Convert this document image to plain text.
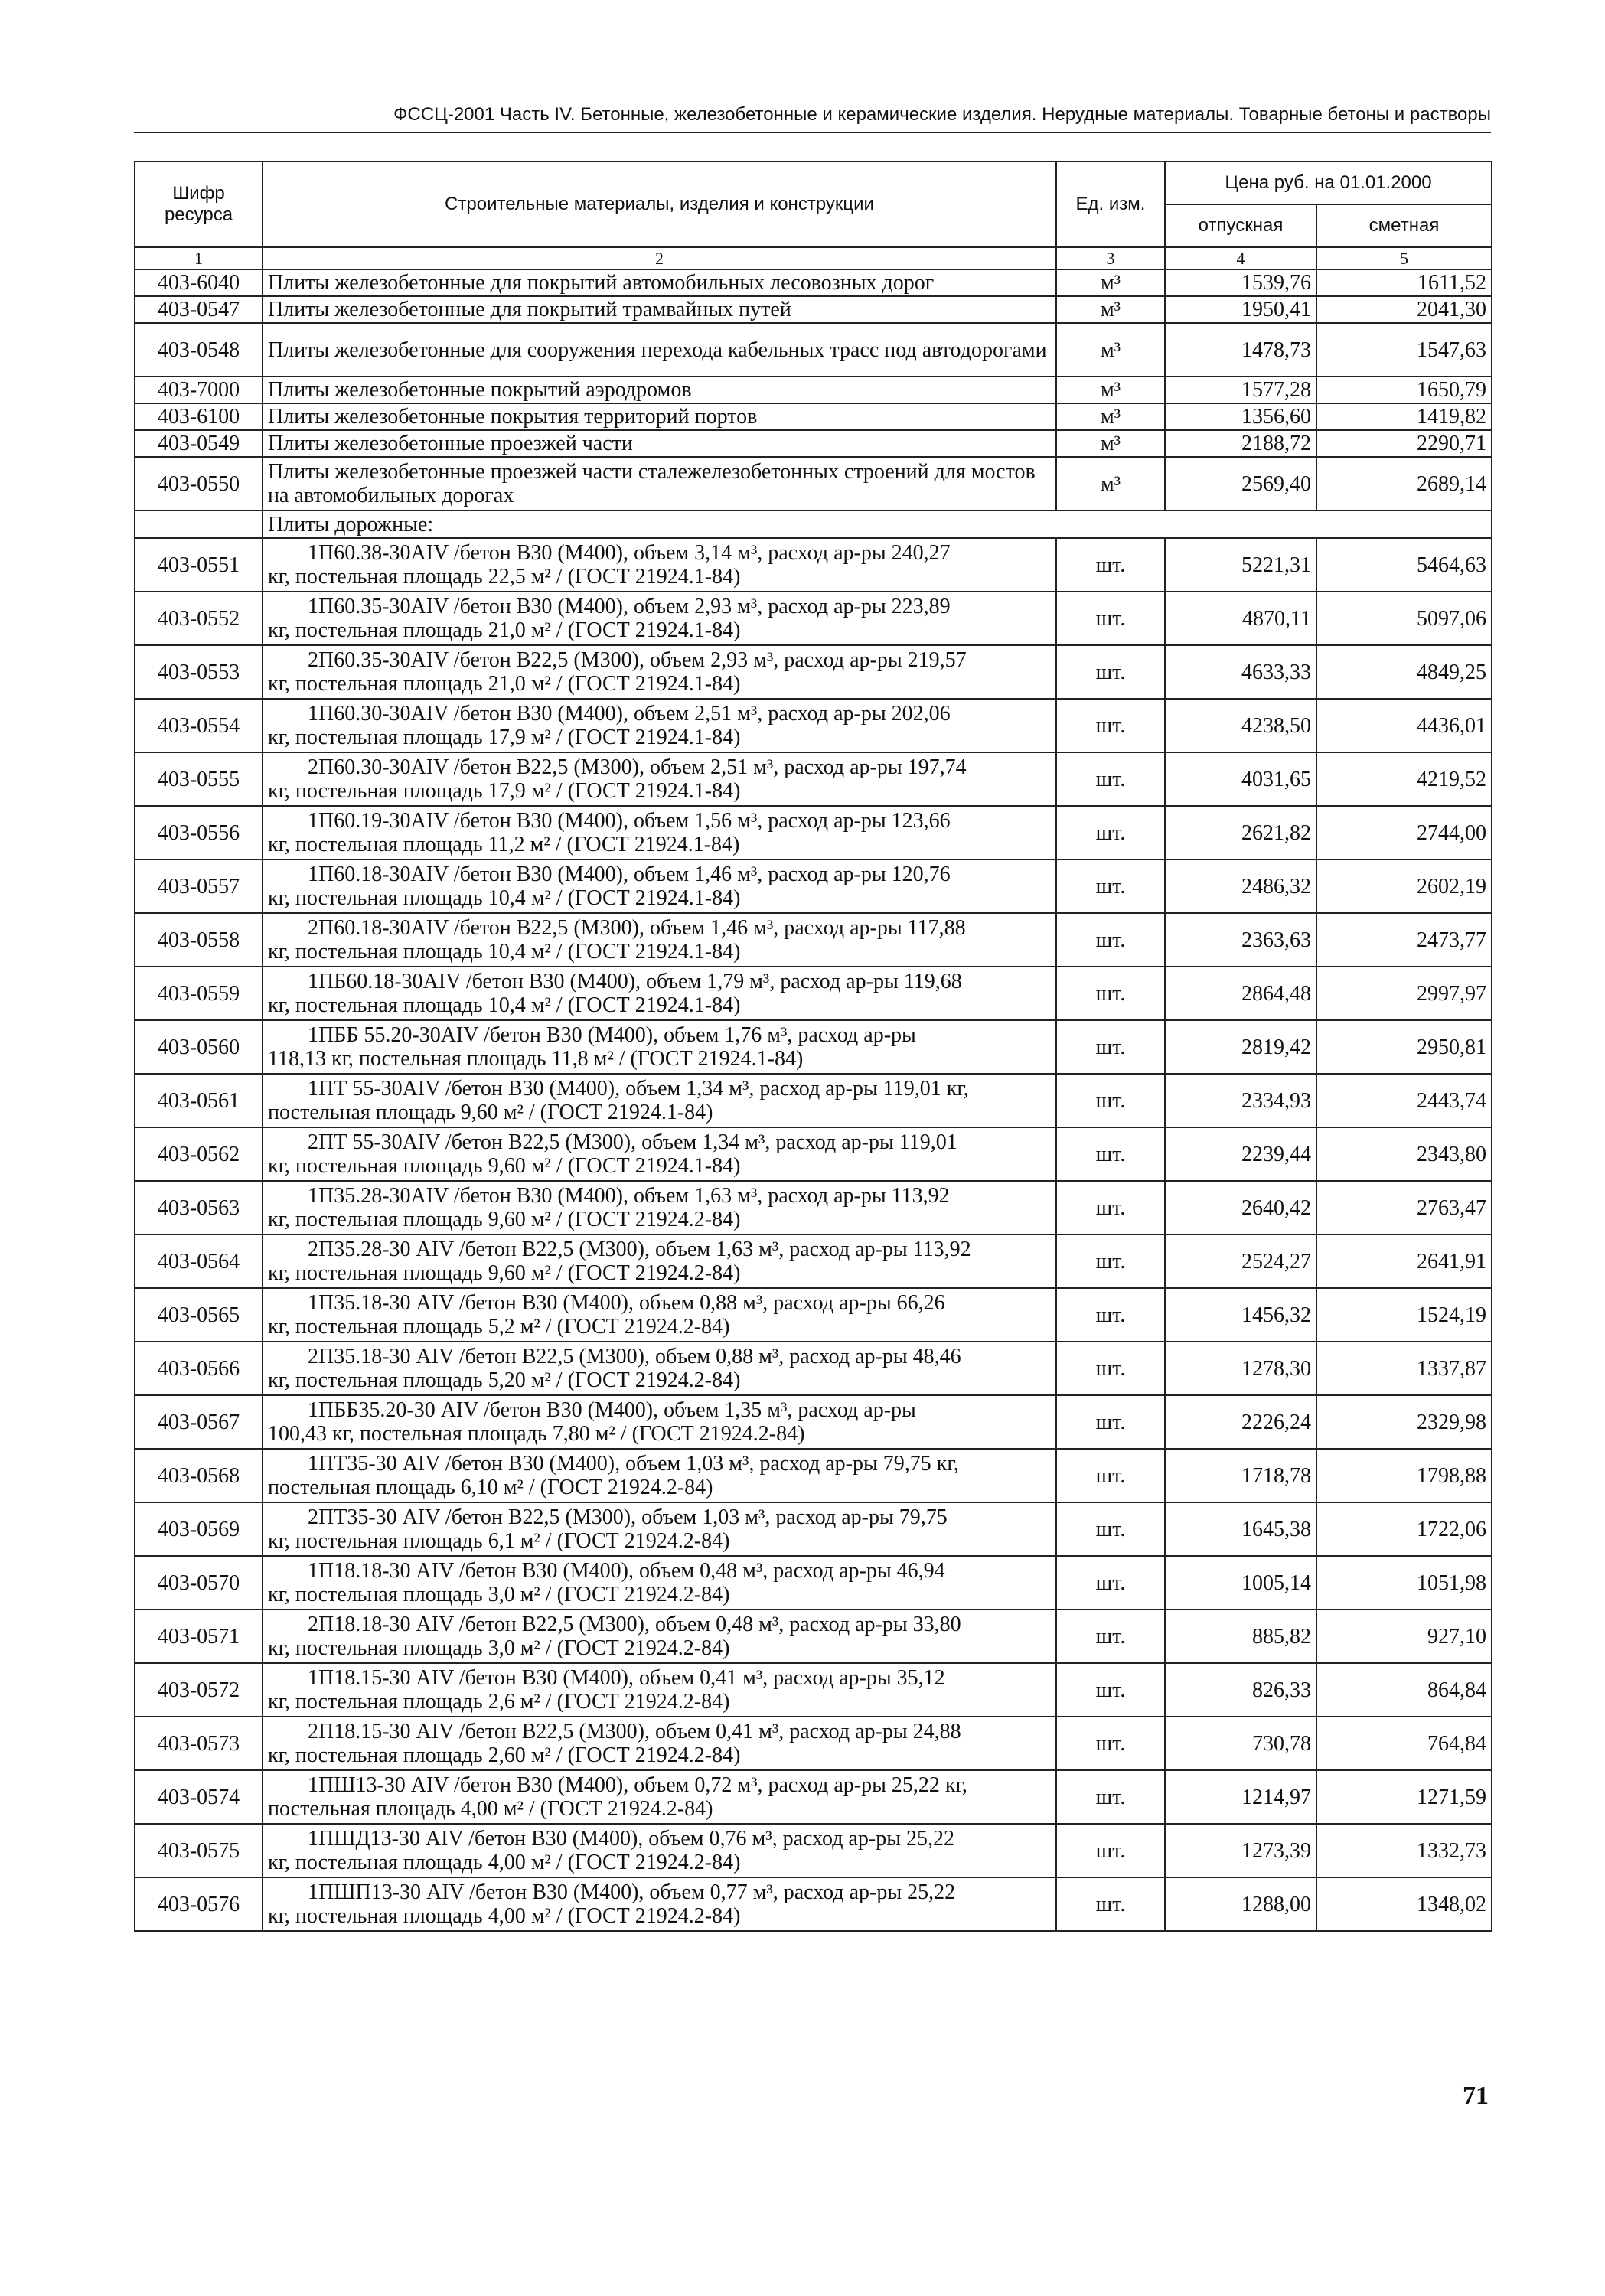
ФССЦ-2001 Часть IV. Бетонные, железобетонные и керамические изделия. Нерудные материалы. Товарные бетоны и растворы
Шифр ресурса	Строительные материалы, изделия и конструкции	Ед. изм.	Цена руб. на 01.01.2000	
			отпускная	сметная
1	2	3	4	5
403-6040	Плиты железобетонные для покрытий автомобильных лесовозных дорог	м³	1539,76	1611,52
403-0547	Плиты железобетонные для покрытий трамвайных путей	м³	1950,41	2041,30
403-0548	Плиты железобетонные для сооружения перехода кабельных трасс под автодорогами	м³	1478,73	1547,63
403-7000	Плиты железобетонные покрытий аэродромов	м³	1577,28	1650,79
403-6100	Плиты железобетонные покрытия территорий портов	м³	1356,60	1419,82
403-0549	Плиты железобетонные проезжей части	м³	2188,72	2290,71
403-0550	Плиты железобетонные проезжей части сталежелезобетонных строений для мостов на автомобильных дорогах	м³	2569,40	2689,14
	Плиты дорожные:			
403-0551	1П60.38-30AIV /бетон В30 (М400), объем 3,14 м³, расход ар-ры 240,27
кг, постельная площадь 22,5 м² / (ГОСТ 21924.1-84)	шт.	5221,31	5464,63
403-0552	1П60.35-30AIV /бетон В30 (М400), объем 2,93 м³, расход ар-ры 223,89
кг, постельная площадь 21,0 м² / (ГОСТ 21924.1-84)	шт.	4870,11	5097,06
403-0553	2П60.35-30AIV /бетон В22,5 (М300), объем 2,93 м³, расход ар-ры 219,57
кг, постельная площадь 21,0 м² / (ГОСТ 21924.1-84)	шт.	4633,33	4849,25
403-0554	1П60.30-30AIV /бетон В30 (М400), объем 2,51 м³, расход ар-ры 202,06
кг, постельная площадь 17,9 м² / (ГОСТ 21924.1-84)	шт.	4238,50	4436,01
403-0555	2П60.30-30AIV /бетон В22,5 (М300), объем 2,51 м³, расход ар-ры 197,74
кг, постельная площадь 17,9 м² / (ГОСТ 21924.1-84)	шт.	4031,65	4219,52
403-0556	1П60.19-30AIV /бетон В30 (М400), объем 1,56 м³, расход ар-ры 123,66
кг, постельная площадь 11,2 м² / (ГОСТ 21924.1-84)	шт.	2621,82	2744,00
403-0557	1П60.18-30AIV /бетон В30 (М400), объем 1,46 м³, расход ар-ры 120,76
кг, постельная площадь 10,4 м² / (ГОСТ 21924.1-84)	шт.	2486,32	2602,19
403-0558	2П60.18-30AIV /бетон В22,5 (М300), объем 1,46 м³, расход ар-ры 117,88
кг, постельная площадь 10,4 м² / (ГОСТ 21924.1-84)	шт.	2363,63	2473,77
403-0559	1ПБ60.18-30AIV /бетон В30 (М400), объем 1,79 м³, расход ар-ры 119,68
кг, постельная площадь 10,4 м² / (ГОСТ 21924.1-84)	шт.	2864,48	2997,97
403-0560	1ПББ 55.20-30AIV /бетон В30 (М400), объем 1,76 м³, расход ар-ры
118,13 кг, постельная площадь 11,8 м² / (ГОСТ 21924.1-84)	шт.	2819,42	2950,81
403-0561	1ПТ 55-30AIV /бетон В30 (М400), объем 1,34 м³, расход ар-ры 119,01 кг,
постельная площадь 9,60 м² / (ГОСТ 21924.1-84)	шт.	2334,93	2443,74
403-0562	2ПТ 55-30AIV /бетон В22,5 (М300), объем 1,34 м³, расход ар-ры 119,01
кг, постельная площадь 9,60 м² / (ГОСТ 21924.1-84)	шт.	2239,44	2343,80
403-0563	1П35.28-30AIV /бетон В30 (М400), объем 1,63 м³, расход ар-ры 113,92
кг, постельная площадь 9,60 м² / (ГОСТ 21924.2-84)	шт.	2640,42	2763,47
403-0564	2П35.28-30 AIV /бетон В22,5 (М300), объем 1,63 м³, расход ар-ры 113,92
кг, постельная площадь 9,60 м² / (ГОСТ 21924.2-84)	шт.	2524,27	2641,91
403-0565	1П35.18-30 AIV /бетон В30 (М400), объем 0,88 м³, расход ар-ры 66,26
кг, постельная площадь 5,2 м² / (ГОСТ 21924.2-84)	шт.	1456,32	1524,19
403-0566	2П35.18-30 AIV /бетон В22,5 (М300), объем 0,88 м³, расход ар-ры 48,46
кг, постельная площадь 5,20 м² / (ГОСТ 21924.2-84)	шт.	1278,30	1337,87
403-0567	1ПББ35.20-30 AIV /бетон В30 (М400), объем 1,35 м³, расход ар-ры
100,43 кг, постельная площадь 7,80 м² / (ГОСТ 21924.2-84)	шт.	2226,24	2329,98
403-0568	1ПТ35-30 AIV /бетон В30 (М400), объем 1,03 м³, расход ар-ры 79,75 кг,
постельная площадь 6,10 м² / (ГОСТ 21924.2-84)	шт.	1718,78	1798,88
403-0569	2ПТ35-30 AIV /бетон В22,5 (М300), объем 1,03 м³, расход ар-ры 79,75
кг, постельная площадь 6,1 м² / (ГОСТ 21924.2-84)	шт.	1645,38	1722,06
403-0570	1П18.18-30 AIV /бетон В30 (М400), объем 0,48 м³, расход ар-ры 46,94
кг, постельная площадь 3,0 м² / (ГОСТ 21924.2-84)	шт.	1005,14	1051,98
403-0571	2П18.18-30 AIV /бетон В22,5 (М300), объем 0,48 м³, расход ар-ры 33,80
кг, постельная площадь 3,0 м² / (ГОСТ 21924.2-84)	шт.	885,82	927,10
403-0572	1П18.15-30 AIV /бетон В30 (М400), объем 0,41 м³, расход ар-ры 35,12
кг, постельная площадь 2,6 м² / (ГОСТ 21924.2-84)	шт.	826,33	864,84
403-0573	2П18.15-30 AIV /бетон В22,5 (М300), объем 0,41 м³, расход ар-ры 24,88
кг, постельная площадь 2,60 м² / (ГОСТ 21924.2-84)	шт.	730,78	764,84
403-0574	1ПШ13-30 AIV /бетон В30 (М400), объем 0,72 м³, расход ар-ры 25,22 кг,
постельная площадь 4,00 м² / (ГОСТ 21924.2-84)	шт.	1214,97	1271,59
403-0575	1ПШД13-30 AIV /бетон В30 (М400), объем 0,76 м³, расход ар-ры 25,22
кг, постельная площадь 4,00 м² / (ГОСТ 21924.2-84)	шт.	1273,39	1332,73
403-0576	1ПШП13-30 AIV /бетон В30 (М400), объем 0,77 м³, расход ар-ры 25,22
кг, постельная площадь 4,00 м² / (ГОСТ 21924.2-84)	шт.	1288,00	1348,02
71
